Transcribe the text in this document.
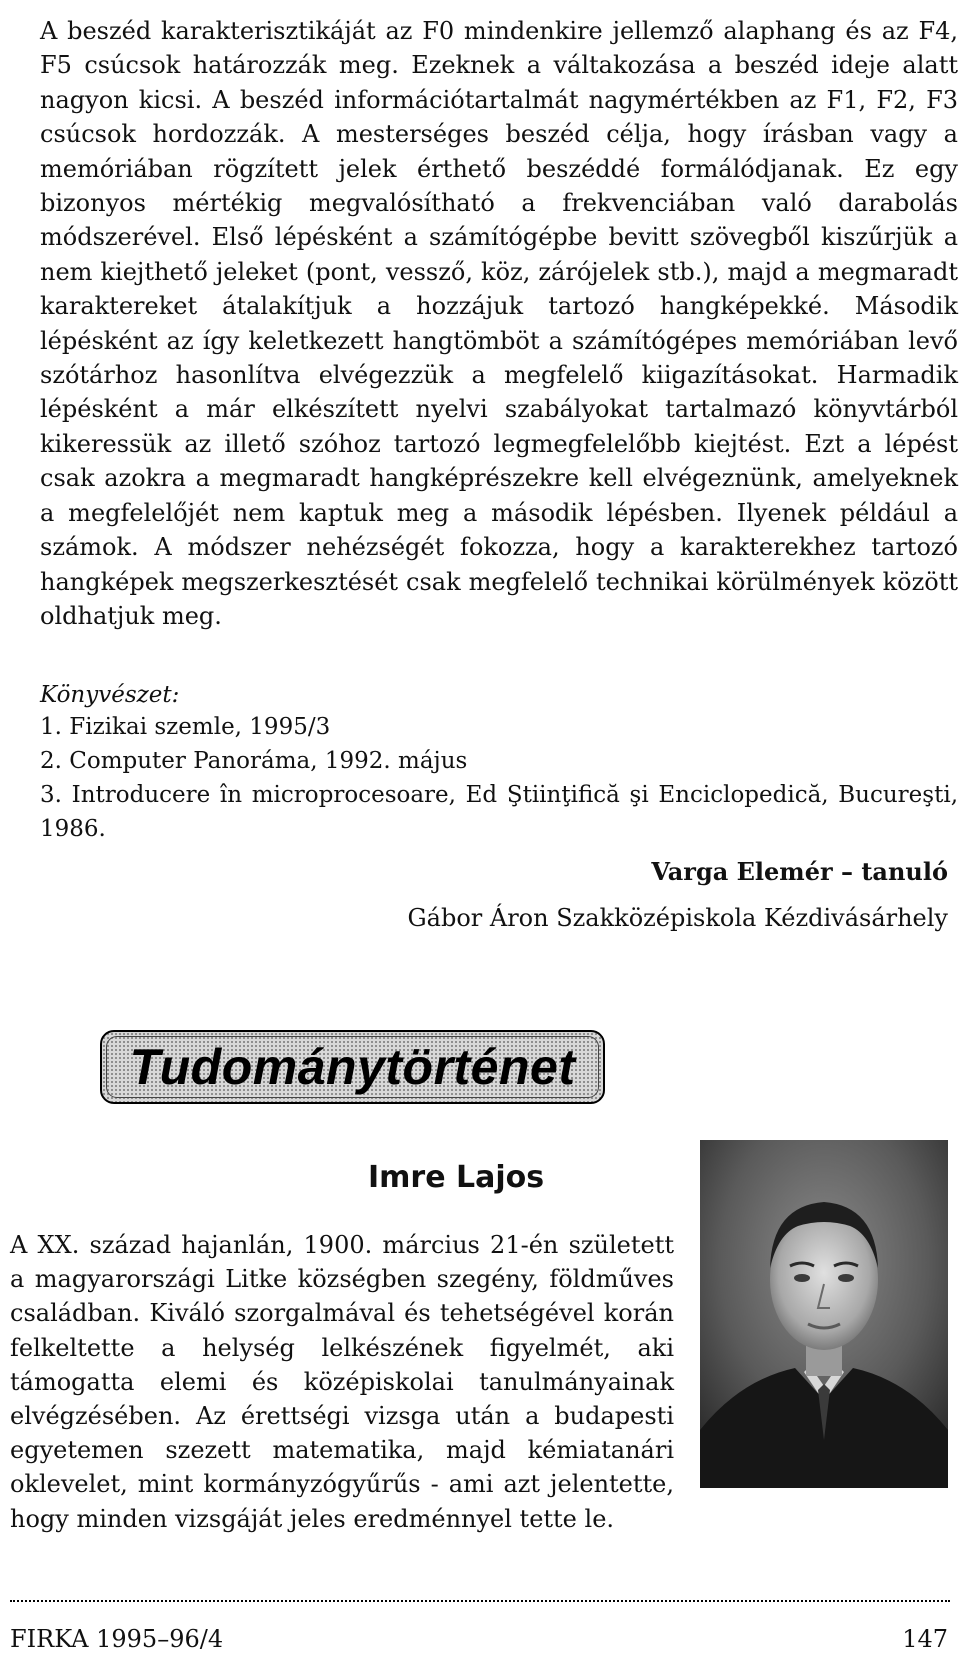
A beszéd karakterisztikáját az F0 mindenkire jellemző alaphang és az F4, F5 csúcsok határozzák meg. Ezeknek a váltakozása a beszéd ideje alatt nagyon kicsi. A beszéd információtartalmát nagymértékben az F1, F2, F3 csúcsok hordozzák. A mesterséges beszéd célja, hogy írásban vagy a memóriában rögzített jelek érthető beszéddé formálódjanak. Ez egy bizonyos mértékig megvalósítható a frekvenciában való darabolás módszerével. Első lépésként a számítógépbe bevitt szövegből kiszűrjük a nem kiejthető jeleket (pont, vessző, köz, zárójelek stb.), majd a megmaradt karaktereket átalakítjuk a hozzájuk tartozó hangképekké. Második lépésként az így keletkezett hangtömböt a számítógépes memóriában levő szótárhoz hasonlítva elvégezzük a megfelelő kiigazításokat. Harmadik lépésként a már elkészített nyelvi szabályokat tartalmazó könyvtárból kikeressük az illető szóhoz tartozó legmegfelelőbb kiejtést. Ezt a lépést csak azokra a megmaradt hangképrészekre kell elvégeznünk, amelyeknek a megfelelőjét nem kaptuk meg a második lépésben. Ilyenek például a számok. A módszer nehézségét fokozza, hogy a karakterekhez tartozó hangképek megszerkesztését csak megfelelő technikai körülmények között oldhatjuk meg.

Könyvészet:

1. Fizikai szemle, 1995/3
2. Computer Panoráma, 1992. május
3. Introducere în microprocesoare, Ed Ştiinţifică şi Enciclopedică, Bucureşti, 1986.

Varga Elemér – tanuló

Gábor Áron Szakközépiskola Kézdivásárhely

Tudománytörténet
Imre Lajos

A XX. század hajanlán, 1900. március 21-én született a magyarországi Litke községben szegény, földműves családban. Kiváló szorgalmával és tehetségével korán felkeltette a helység lelkészének figyelmét, aki támogatta elemi és középiskolai tanulmányainak elvégzésében. Az érettségi vizsga után a budapesti egyetemen szezett matematika, majd kémiatanári oklevelet, mint kormányzógyűrűs - ami azt jelentette, hogy minden vizsgáját jeles eredménnyel tette le.

FIRKA 1995–96/4	147
